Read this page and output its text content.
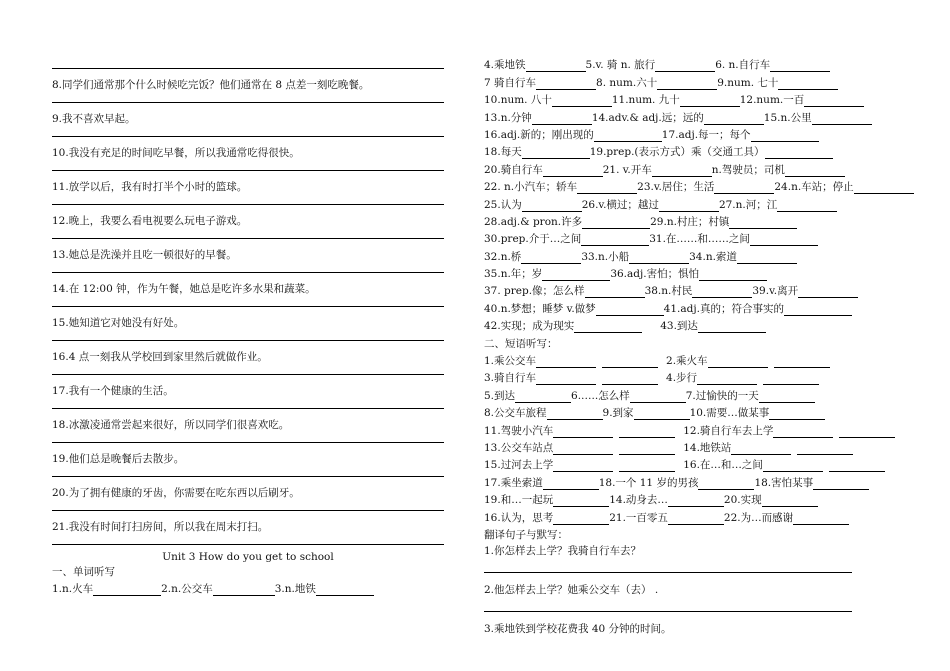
8.同学们通常那个什么时候吃完饭？他们通常在 8 点差一刻吃晚餐。
9.我不喜欢早起。
10.我没有充足的时间吃早餐，所以我通常吃得很快。
11.放学以后，我有时打半个小时的篮球。
12.晚上，我要么看电视要么玩电子游戏。
13.她总是洗澡并且吃一顿很好的早餐。
14.在 12:00 钟，作为午餐，她总是吃许多水果和蔬菜。
15.她知道它对她没有好处。
16.4 点一刻我从学校回到家里然后就做作业。
17.我有一个健康的生活。
18.冰激凌通常尝起来很好，所以同学们很喜欢吃。
19.他们总是晚餐后去散步。
20.为了拥有健康的牙齿，你需要在吃东西以后刷牙。
21.我没有时间打扫房间，所以我在周末打扫。
Unit 3 How do you get to school
一、单词听写
1.n.火车	2.n.公交车	3.n.地铁
4.乘地铁	5.v. 骑 n. 旅行	6. n.自行车
7 骑自行车	8. num.六十	9.num. 七十
10.num. 八十	11.num. 九十	12.num.一百
13.n.分钟	14.adv.& adj.远；远的	15.n.公里
16.adj.新的；刚出现的	17.adj.每一；每个
18.每天	19.prep.(表示方式）乘（交通工具）
20.骑自行车	21. v.开车	n.驾驶员；司机
22. n.小汽车；轿车	23.v.居住；生活	24.n.车站；停止
25.认为	26.v.横过；越过	27.n.河；江
28.adj.& pron.许多	29.n.村庄；村镇
30.prep.介于…之间	31.在……和……之间
32.n.桥	33.n.小船	34.n.索道
35.n.年；岁	36.adj.害怕；惧怕
37. prep.像；怎么样	38.n.村民	39.v.离开
40.n.梦想；睡梦 v.做梦	41.adj.真的；符合事实的
42.实现；成为现实	43.到达
二、短语听写：
1.乘公交车	2.乘火车
3.骑自行车	4.步行
5.到达	6.…..怎么样	7.过愉快的一天
8.公交车旅程	9.到家	10.需要…做某事
11.驾驶小汽车	12.骑自行车去上学
13.公交车站点	14.地铁站
15.过河去上学	16.在…和…之间
17.乘坐索道	18.一个 11 岁的男孩	18.害怕某事
19.和…一起玩	14.动身去…	20.实现
16.认为，思考	21.一百零五	22.为…而感谢
翻译句子与默写：
1.你怎样去上学？我骑自行车去？
2.他怎样去上学？她乘公交车（去） .
3.乘地铁到学校花费我 40 分钟的时间。
